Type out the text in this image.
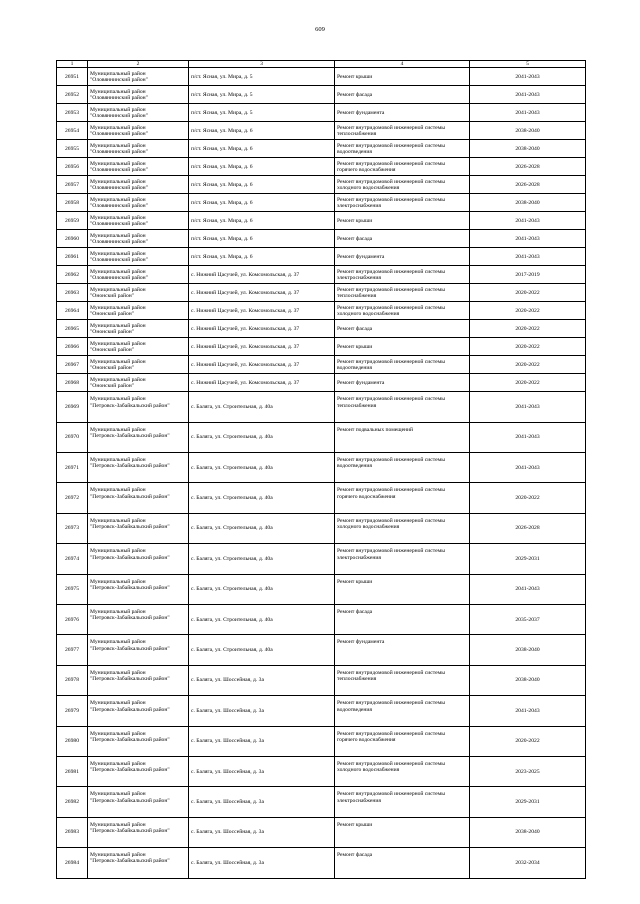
609
1	2	3	4	5

26951	Муниципальный район
"Оловяннинский район"	п/ст. Ясная, ул. Мира, д. 5	Ремонт крыши	2041-2043

26952	Муниципальный район
"Оловяннинский район"	п/ст. Ясная, ул. Мира, д. 5	Ремонт фасада	2041-2043

26953	Муниципальный район
"Оловяннинский район"	п/ст. Ясная, ул. Мира, д. 5	Ремонт фундамента	2041-2043

26954	Муниципальный район
"Оловяннинский район"	п/ст. Ясная, ул. Мира, д. 6	Ремонт внутридомовой инженерной системы
теплоснабжения	2038-2040

26955	Муниципальный район
"Оловяннинский район"	п/ст. Ясная, ул. Мира, д. 6	Ремонт внутридомовой инженерной системы
водоотведения	2038-2040

26956	Муниципальный район
"Оловяннинский район"	п/ст. Ясная, ул. Мира, д. 6	Ремонт внутридомовой инженерной системы
горячего водоснабжения	2026-2028

26957	Муниципальный район
"Оловяннинский район"	п/ст. Ясная, ул. Мира, д. 6	Ремонт внутридомовой инженерной системы
холодного водоснабжения	2026-2028

26958	Муниципальный район
"Оловяннинский район"	п/ст. Ясная, ул. Мира, д. 6	Ремонт внутридомовой инженерной системы
электроснабжения	2038-2040

26959	Муниципальный район
"Оловяннинский район"	п/ст. Ясная, ул. Мира, д. 6	Ремонт крыши	2041-2043

26960	Муниципальный район
"Оловяннинский район"	п/ст. Ясная, ул. Мира, д. 6	Ремонт фасада	2041-2043

26961	Муниципальный район
"Оловяннинский район"	п/ст. Ясная, ул. Мира, д. 6	Ремонт фундамента	2041-2043

26962	Муниципальный район
"Оловяннинский район"	с. Нижний Цасучей, ул. Комсомольская, д. 37	Ремонт внутридомовой инженерной системы
электроснабжения	2017-2019

26963	Муниципальный район
"Ононский район"	с. Нижний Цасучей, ул. Комсомольская, д. 37	Ремонт внутридомовой инженерной системы
теплоснабжения	2020-2022

26964	Муниципальный район
"Ононский район"	с. Нижний Цасучей, ул. Комсомольская, д. 37	Ремонт внутридомовой инженерной системы
холодного водоснабжения	2020-2022

26965	Муниципальный район
"Ононский район"	с. Нижний Цасучей, ул. Комсомольская, д. 37	Ремонт фасада	2020-2022

26966	Муниципальный район
"Ононский район"	с. Нижний Цасучей, ул. Комсомольская, д. 37	Ремонт крыши	2020-2022

26967	Муниципальный район
"Ононский район"	с. Нижний Цасучей, ул. Комсомольская, д. 37	Ремонт внутридомовой инженерной системы
водоотведения	2020-2022

26968	Муниципальный район
"Ононский район"	с. Нижний Цасучей, ул. Комсомольская, д. 37	Ремонт фундамента	2020-2022

26969	Муниципальный район
"Петровск-Забайкальский район"	с. Баляга, ул. Строительная, д. 40а	Ремонт внутридомовой инженерной системы
теплоснабжения	2041-2043

26970	Муниципальный район
"Петровск-Забайкальский район"	с. Баляга, ул. Строительная, д. 40а	Ремонт подвальных помещений	2041-2043

26971	Муниципальный район
"Петровск-Забайкальский район"	с. Баляга, ул. Строительная, д. 40а	Ремонт внутридомовой инженерной системы
водоотведения	2041-2043

26972	Муниципальный район
"Петровск-Забайкальский район"	с. Баляга, ул. Строительная, д. 40а	Ремонт внутридомовой инженерной системы
горячего водоснабжения	2020-2022

26973	Муниципальный район
"Петровск-Забайкальский район"	с. Баляга, ул. Строительная, д. 40а	Ремонт внутридомовой инженерной системы
холодного водоснабжения	2026-2028

26974	Муниципальный район
"Петровск-Забайкальский район"	с. Баляга, ул. Строительная, д. 40а	Ремонт внутридомовой инженерной системы
электроснабжения	2029-2031

26975	Муниципальный район
"Петровск-Забайкальский район"	с. Баляга, ул. Строительная, д. 40а	Ремонт крыши	2041-2043

26976	Муниципальный район
"Петровск-Забайкальский район"	с. Баляга, ул. Строительная, д. 40а	Ремонт фасада	2035-2037

26977	Муниципальный район
"Петровск-Забайкальский район"	с. Баляга, ул. Строительная, д. 40а	Ремонт фундамента	2038-2040

26978	Муниципальный район
"Петровск-Забайкальский район"	с. Баляга, ул. Шоссейная, д. 3а	Ремонт внутридомовой инженерной системы
теплоснабжения	2038-2040

26979	Муниципальный район
"Петровск-Забайкальский район"	с. Баляга, ул. Шоссейная, д. 3а	Ремонт внутридомовой инженерной системы
водоотведения	2041-2043

26980	Муниципальный район
"Петровск-Забайкальский район"	с. Баляга, ул. Шоссейная, д. 3а	Ремонт внутридомовой инженерной системы
горячего водоснабжения	2020-2022

26981	Муниципальный район
"Петровск-Забайкальский район"	с. Баляга, ул. Шоссейная, д. 3а	Ремонт внутридомовой инженерной системы
холодного водоснабжения	2023-2025

26982	Муниципальный район
"Петровск-Забайкальский район"	с. Баляга, ул. Шоссейная, д. 3а	Ремонт внутридомовой инженерной системы
электроснабжения	2029-2031

26983	Муниципальный район
"Петровск-Забайкальский район"	с. Баляга, ул. Шоссейная, д. 3а	Ремонт крыши	2038-2040

26984	Муниципальный район
"Петровск-Забайкальский район"	с. Баляга, ул. Шоссейная, д. 3а	Ремонт фасада	2032-2034
